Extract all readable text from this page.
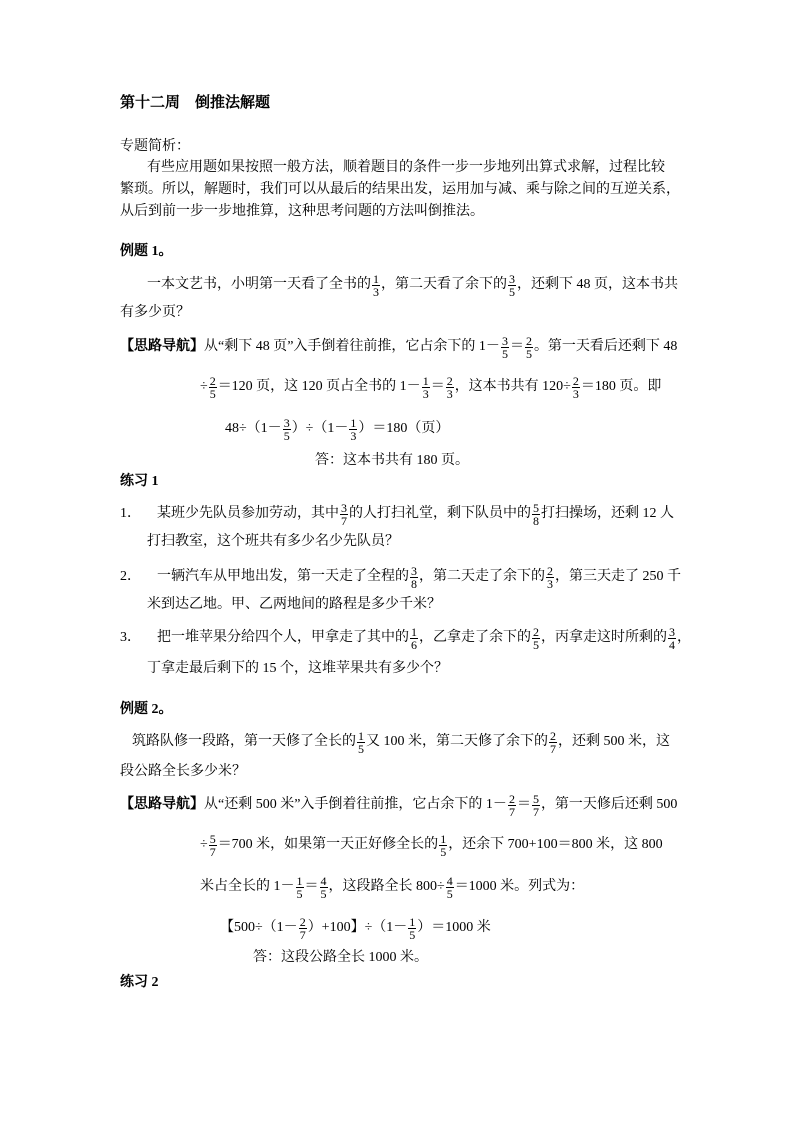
第十二周　倒推法解题
专题简析：
有些应用题如果按照一般方法，顺着题目的条件一步一步地列出算式求解，过程比较
繁琐。所以，解题时，我们可以从最后的结果出发，运用加与减、乘与除之间的互逆关系，
从后到前一步一步地推算，这种思考问题的方法叫倒推法。
例题 1。
一本文艺书，小明第一天看了全书的 $\frac{1}{3}$ ，第二天看了余下的 $\frac{3}{5}$ ，还剩下 48 页，这本书共
有多少页？
【思路导航】 从“剩下 48 页”入手倒着往前推，它占余下的 $1- \frac{3}{5} = \frac{2}{5}$ 。第一天看后还剩下 48
÷ $\frac{2}{5} =120$ 页，这 120 页占全书的 $1- \frac{1}{3} = \frac{2}{3}$ ，这本书共有 $120\div \frac{2}{3} =180$ 页。即
$48\div(1- \frac{3}{5} )\div(1- \frac{1}{3} )=180$（页）
答：这本书共有 180 页。
练习 1
1．	某班少先队员参加劳动，其中 $\frac{3}{7}$ 的人打扫礼堂，剩下队员中的 $\frac{5}{8}$ 打扫操场，还剩 12 人
打扫教室，这个班共有多少名少先队员？
2．	一辆汽车从甲地出发，第一天走了全程的 $\frac{3}{8}$ ，第二天走了余下的 $\frac{2}{3}$ ，第三天走了 250 千
米到达乙地。甲、乙两地间的路程是多少千米？
3．	把一堆苹果分给四个人，甲拿走了其中的 $\frac{1}{6}$ ，乙拿走了余下的 $\frac{2}{5}$ ，丙拿走这时所剩的 $\frac{3}{4}$ ，
丁拿走最后剩下的 15 个，这堆苹果共有多少个？
例题 2。
筑路队修一段路，第一天修了全长的 $\frac{1}{5}$ 又 100 米，第二天修了余下的 $\frac{2}{7}$ ，还剩 500 米，这
段公路全长多少米？
【思路导航】 从“还剩 500 米”入手倒着往前推，它占余下的 $1- \frac{2}{7} = \frac{5}{7}$ ，第一天修后还剩 500
÷ $\frac{5}{7} =700$ 米，如果第一天正好修全长的 $\frac{1}{5}$ ，还余下 700+100＝800 米，这 800
米占全长的 $1- \frac{1}{5} = \frac{4}{5}$ ，这段路全长 $800\div \frac{4}{5} =1000$ 米。列式为：
【$500\div(1- \frac{2}{7} )+100$】$\div(1- \frac{1}{5} )=1000$ 米
答：这段公路全长 1000 米。
练习 2
